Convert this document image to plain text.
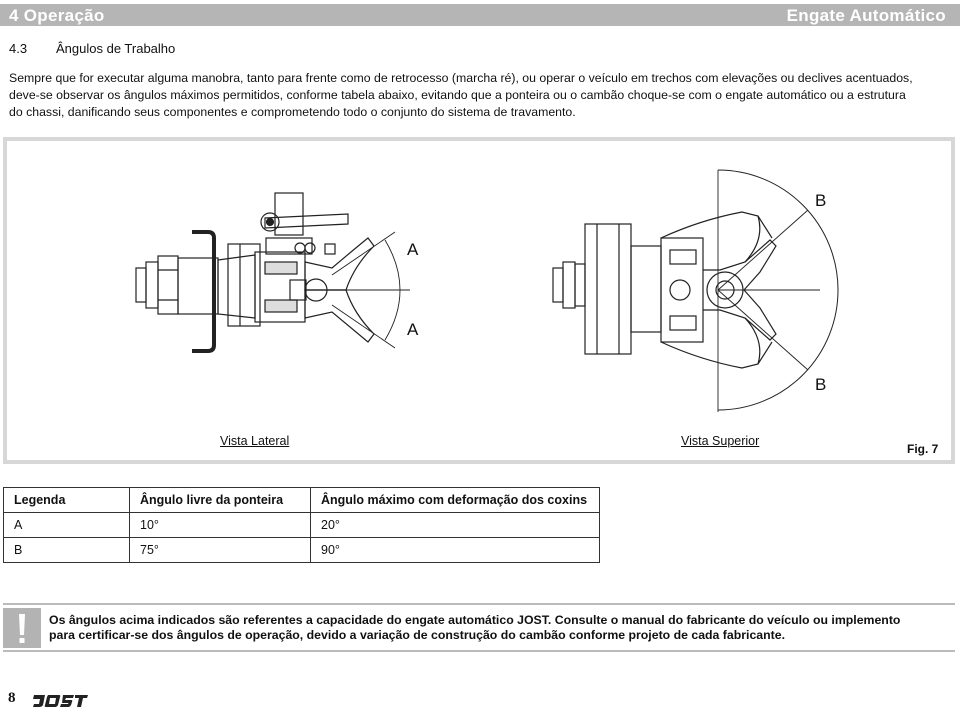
4 Operação	Engate Automático
4.3 Ângulos de Trabalho
Sempre que for executar alguma manobra, tanto para frente como de retrocesso (marcha ré), ou operar o veículo em trechos com elevações ou declives acentuados,
deve-se observar os ângulos máximos permitidos, conforme tabela abaixo, evitando que a ponteira ou o cambão choque-se com o engate automático ou a estrutura
do chassi, danificando seus componentes e comprometendo todo o conjunto do sistema de travamento.
A
A
B
B
Vista Lateral	Vista Superior
Fig. 7
Legenda	Ângulo livre da ponteira	Ângulo máximo com deformação dos coxins
A	10°	20°
B	75°	90°
Os ângulos acima indicados são referentes a capacidade do engate automático JOST. Consulte o manual do fabricante do veículo ou implemento
para certificar-se dos ângulos de operação, devido a variação de construção do cambão conforme projeto de cada fabricante.
8
